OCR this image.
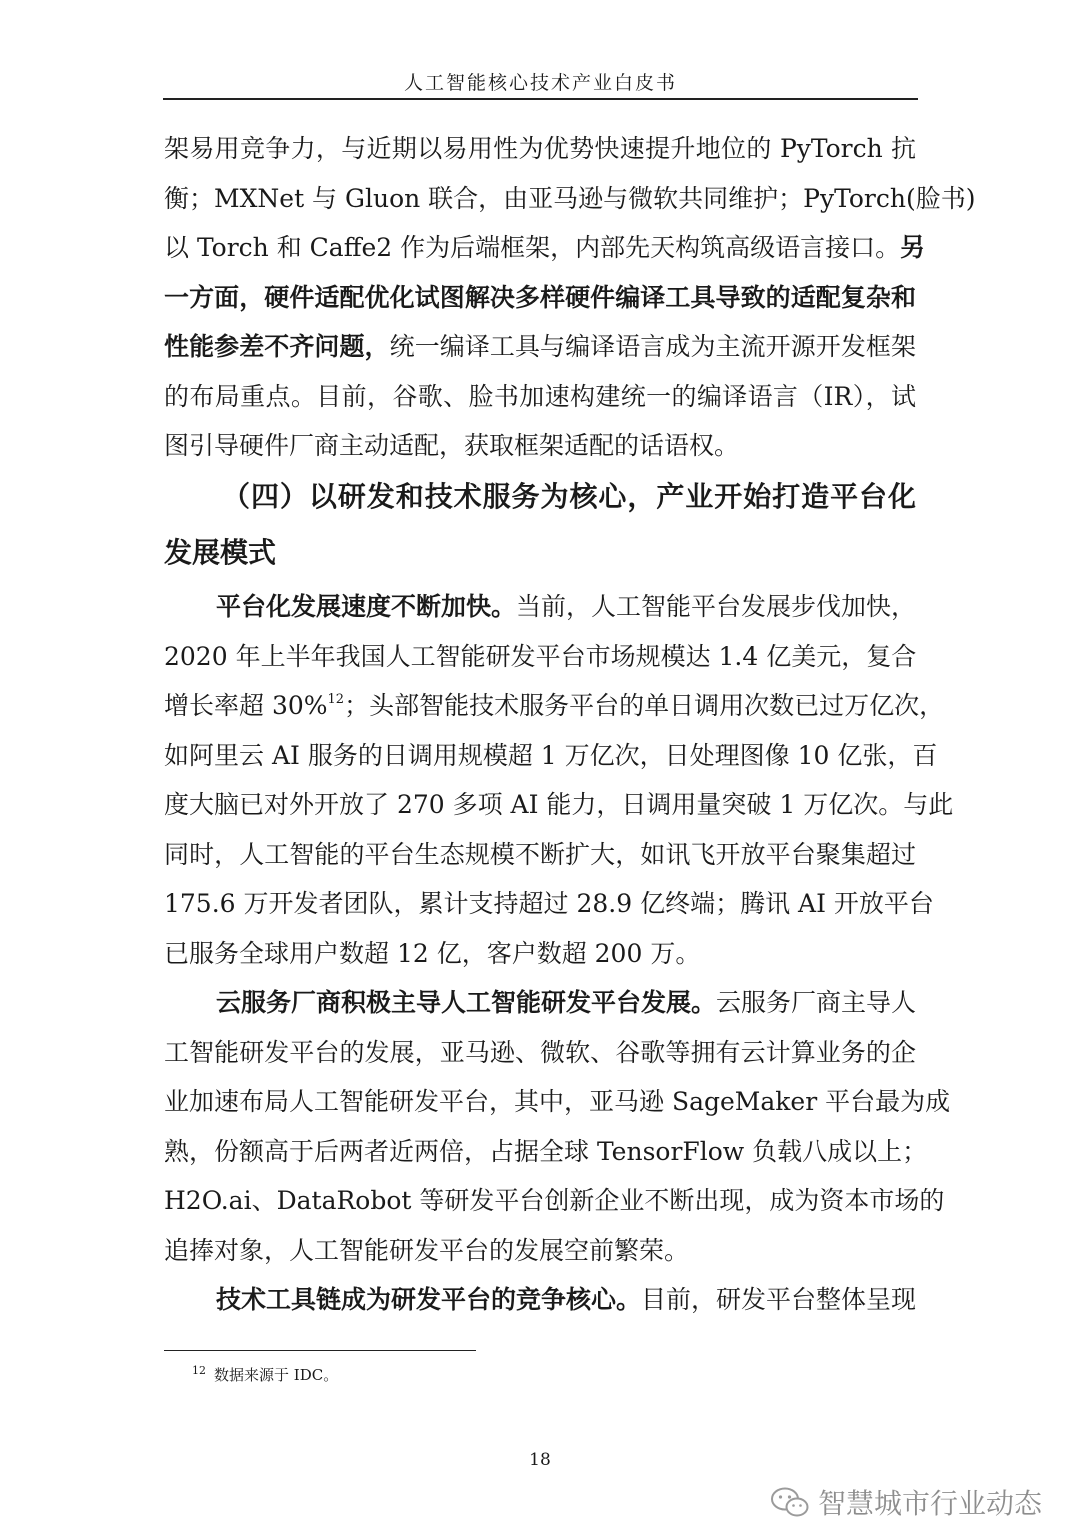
人工智能核心技术产业白皮书
架易用竞争力，与近期以易用性为优势快速提升地位的 PyTorch 抗
衡；MXNet 与 Gluon 联合，由亚马逊与微软共同维护；PyTorch(脸书)
以 Torch 和 Caffe2 作为后端框架，内部先天构筑高级语言接口。另
一方面，硬件适配优化试图解决多样硬件编译工具导致的适配复杂和
性能参差不齐问题，统一编译工具与编译语言成为主流开源开发框架
的布局重点。目前，谷歌、脸书加速构建统一的编译语言（IR），试
图引导硬件厂商主动适配，获取框架适配的话语权。
（四）以研发和技术服务为核心，产业开始打造平台化
发展模式
平台化发展速度不断加快。当前，人工智能平台发展步伐加快，
2020 年上半年我国人工智能研发平台市场规模达 1.4 亿美元，复合
增长率超 30%$^{12}$；头部智能技术服务平台的单日调用次数已过万亿次，
如阿里云 AI 服务的日调用规模超 1 万亿次，日处理图像 10 亿张，百
度大脑已对外开放了 270 多项 AI 能力，日调用量突破 1 万亿次。与此
同时，人工智能的平台生态规模不断扩大，如讯飞开放平台聚集超过
175.6 万开发者团队，累计支持超过 28.9 亿终端；腾讯 AI 开放平台
已服务全球用户数超 12 亿，客户数超 200 万。
云服务厂商积极主导人工智能研发平台发展。云服务厂商主导人
工智能研发平台的发展，亚马逊、微软、谷歌等拥有云计算业务的企
业加速布局人工智能研发平台，其中，亚马逊 SageMaker 平台最为成
熟，份额高于后两者近两倍，占据全球 TensorFlow 负载八成以上；
H2O.ai、DataRobot 等研发平台创新企业不断出现，成为资本市场的
追捧对象，人工智能研发平台的发展空前繁荣。
技术工具链成为研发平台的竞争核心。目前，研发平台整体呈现
$^{12}$ 数据来源于 IDC。
18
智慧城市行业动态
